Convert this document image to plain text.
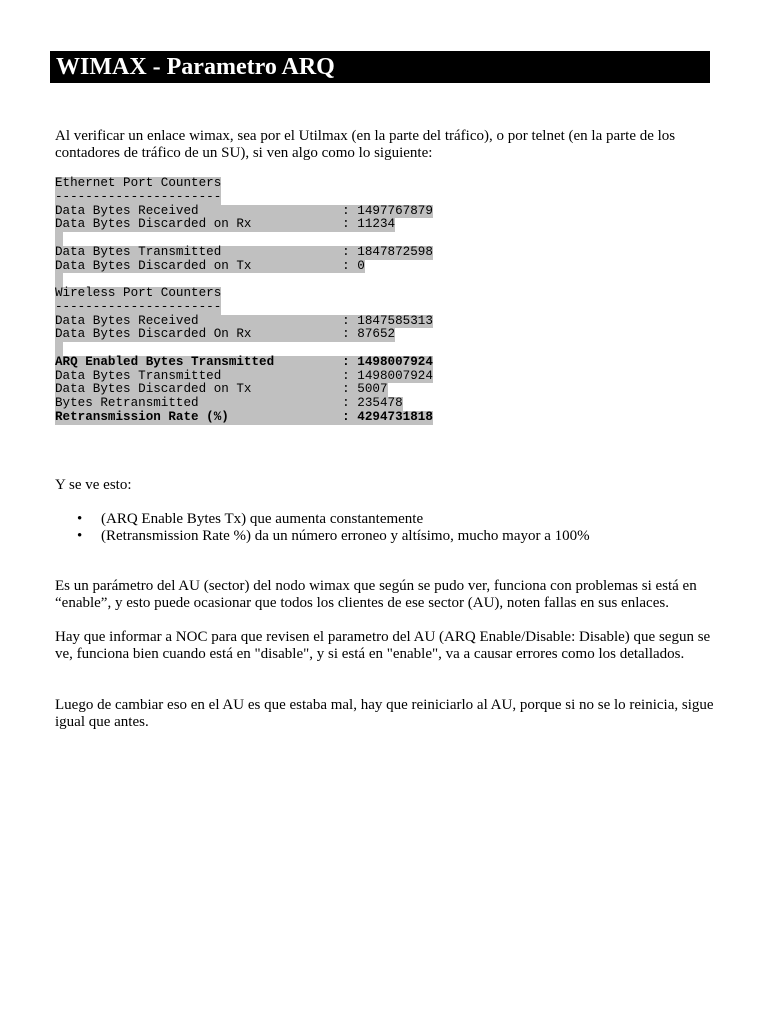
WIMAX - Parametro ARQ

Al verificar un enlace wimax, sea por el Utilmax (en la parte del tráfico), o por telnet (en la parte de los contadores de tráfico de un SU), si ven algo como lo siguiente:

Ethernet Port Counters
----------------------
Data Bytes Received                   : 1497767879
Data Bytes Discarded on Rx            : 11234
Data Bytes Transmitted                : 1847872598
Data Bytes Discarded on Tx            : 0
Wireless Port Counters
----------------------
Data Bytes Received                   : 1847585313
Data Bytes Discarded On Rx            : 87652
ARQ Enabled Bytes Transmitted         : 1498007924
Data Bytes Transmitted                : 1498007924
Data Bytes Discarded on Tx            : 5007
Bytes Retransmitted                   : 235478
Retransmission Rate (%)               : 4294731818

Y se ve esto:

• (ARQ Enable Bytes Tx) que aumenta constantemente
• (Retransmission Rate %) da un número erroneo y altísimo, mucho mayor a 100%

Es un parámetro del AU (sector) del nodo wimax que según se pudo ver, funciona con problemas si está en “enable”, y esto puede ocasionar que todos los clientes de ese sector (AU), noten fallas en sus enlaces.

Hay que informar a NOC para que revisen el parametro del AU (ARQ Enable/Disable: Disable) que segun se ve, funciona bien cuando está en "disable", y si está en "enable", va a causar errores como los detallados.

Luego de cambiar eso en el AU es que estaba mal, hay que reiniciarlo al AU, porque si no se lo reinicia, sigue igual que antes.
